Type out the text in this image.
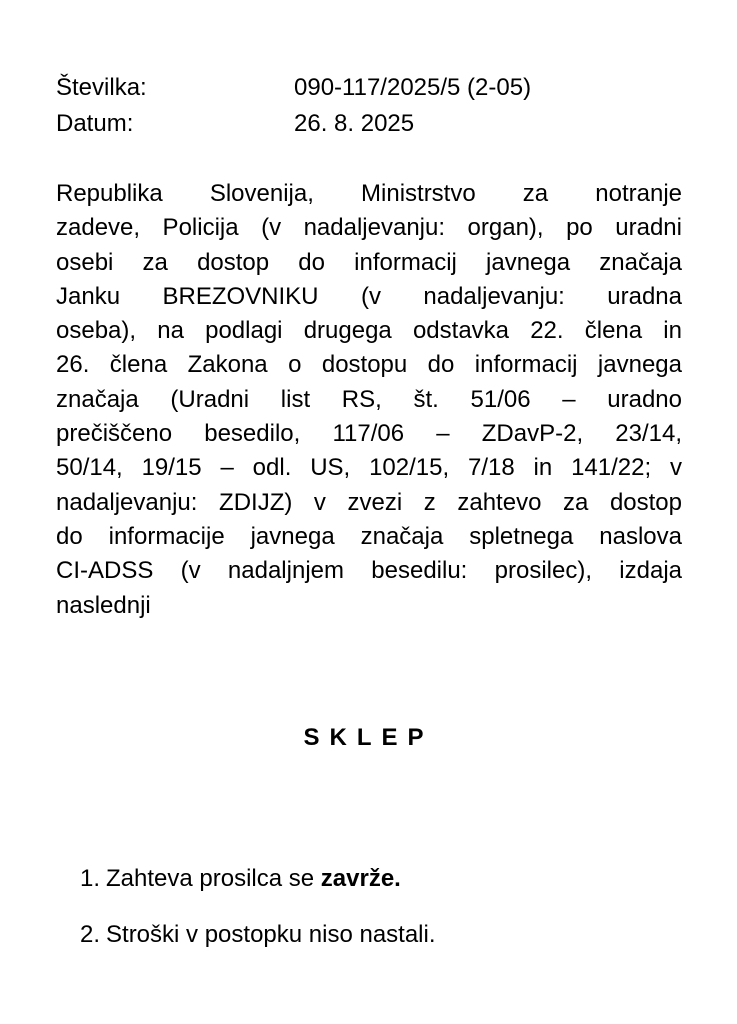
Številka:	090-117/2025/5 (2-05)
Datum:	26. 8. 2025

Republika Slovenija, Ministrstvo za notranje
zadeve, Policija (v nadaljevanju: organ), po uradni
osebi za dostop do informacij javnega značaja
Janku BREZOVNIKU (v nadaljevanju: uradna
oseba), na podlagi drugega odstavka 22. člena in
26. člena Zakona o dostopu do informacij javnega
značaja (Uradni list RS, št. 51/06 – uradno
prečiščeno besedilo, 117/06 – ZDavP-2, 23/14,
50/14, 19/15 – odl. US, 102/15, 7/18 in 141/22; v
nadaljevanju: ZDIJZ) v zvezi z zahtevo za dostop
do informacije javnega značaja spletnega naslova
CI-ADSS (v nadaljnjem besedilu: prosilec), izdaja
naslednji

SKLEP
1. Zahteva prosilca se zavrže.
2. Stroški v postopku niso nastali.
